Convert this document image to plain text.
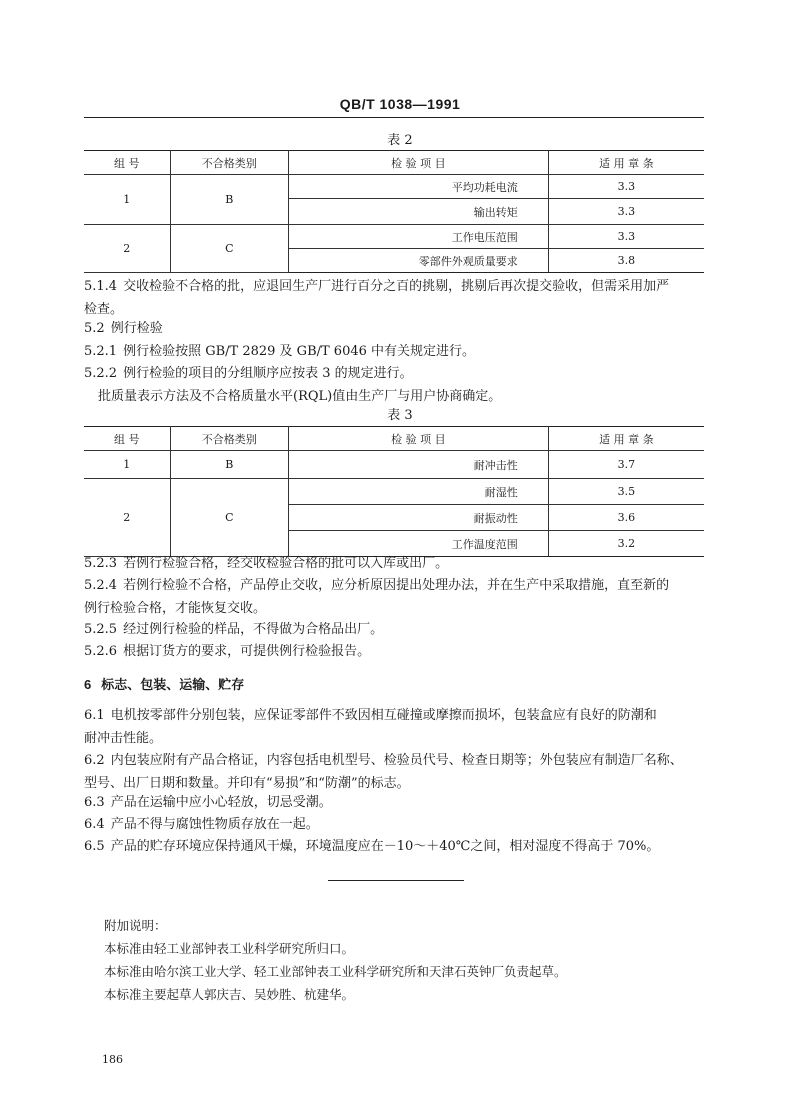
QB/T 1038—1991
表 2
组 号	不合格类别	检 验 项 目	适 用 章 条
1	B	平均功耗电流	3.3
		输出转矩	3.3
2	C	工作电压范围	3.3
		零部件外观质量要求	3.8
5.1.4 交收检验不合格的批，应退回生产厂进行百分之百的挑剔，挑剔后再次提交验收，但需采用加严
检查。
5.2 例行检验
5.2.1 例行检验按照 GB/T 2829 及 GB/T 6046 中有关规定进行。
5.2.2 例行检验的项目的分组顺序应按表 3 的规定进行。
批质量表示方法及不合格质量水平(RQL)值由生产厂与用户协商确定。
表 3
组 号	不合格类别	检 验 项 目	适 用 章 条
1	B	耐冲击性	3.7
2	C	耐湿性	3.5
		耐振动性	3.6
		工作温度范围	3.2
5.2.3 若例行检验合格，经交收检验合格的批可以入库或出厂。
5.2.4 若例行检验不合格，产品停止交收，应分析原因提出处理办法，并在生产中采取措施，直至新的
例行检验合格，才能恢复交收。
5.2.5 经过例行检验的样品，不得做为合格品出厂。
5.2.6 根据订货方的要求，可提供例行检验报告。
6 标志、包装、运输、贮存
6.1 电机按零部件分别包装，应保证零部件不致因相互碰撞或摩擦而损坏，包装盒应有良好的防潮和
耐冲击性能。
6.2 内包装应附有产品合格证，内容包括电机型号、检验员代号、检查日期等；外包装应有制造厂名称、
型号、出厂日期和数量。并印有“易损”和“防潮”的标志。
6.3 产品在运输中应小心轻放，切忌受潮。
6.4 产品不得与腐蚀性物质存放在一起。
6.5 产品的贮存环境应保持通风干燥，环境温度应在－10～＋40℃之间，相对湿度不得高于 70%。
附加说明：
本标准由轻工业部钟表工业科学研究所归口。
本标准由哈尔滨工业大学、轻工业部钟表工业科学研究所和天津石英钟厂负责起草。
本标准主要起草人郭庆吉、吴妙胜、杭建华。
186
